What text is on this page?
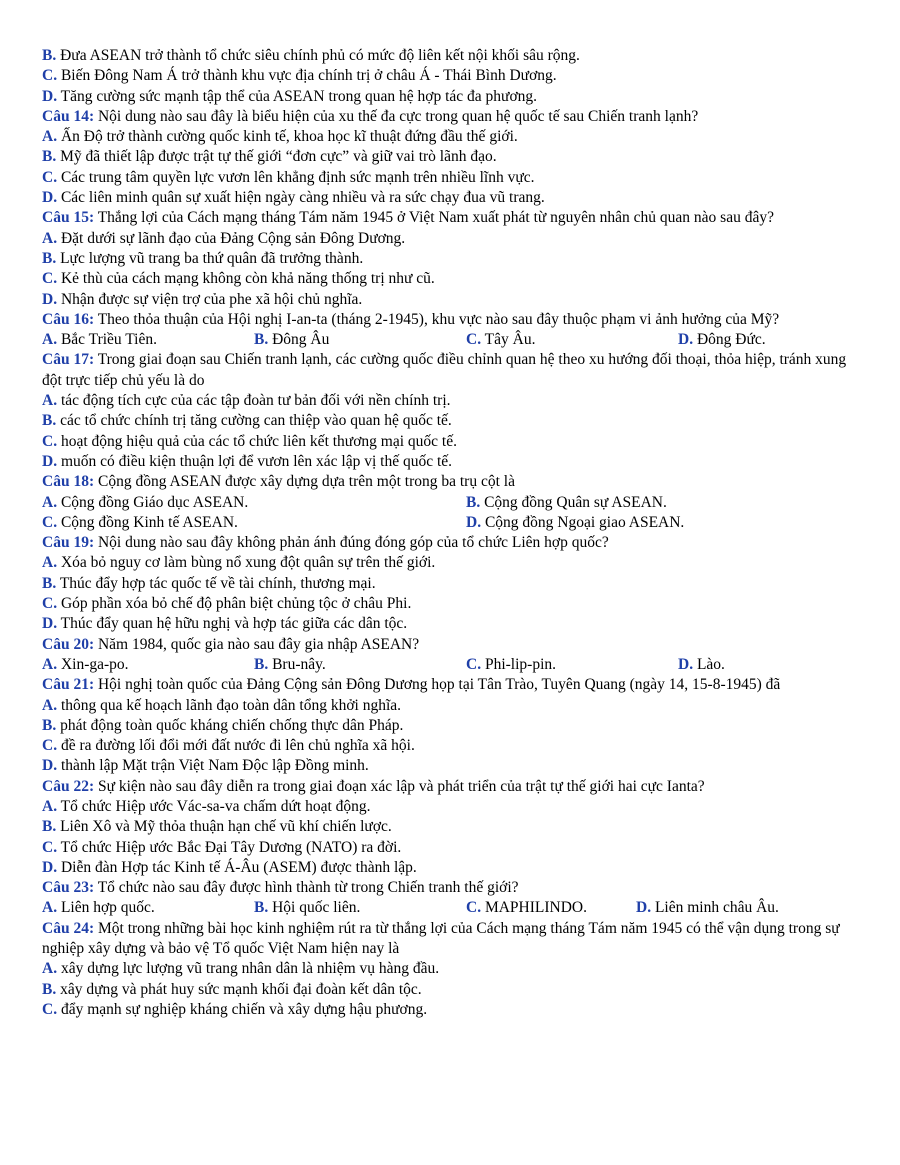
B. Đưa ASEAN trở thành tổ chức siêu chính phủ có mức độ liên kết nội khối sâu rộng.
C. Biến Đông Nam Á trở thành khu vực địa chính trị ở châu Á - Thái Bình Dương.
D. Tăng cường sức mạnh tập thể của ASEAN trong quan hệ hợp tác đa phương.
Câu 14: Nội dung nào sau đây là biểu hiện của xu thế đa cực trong quan hệ quốc tế sau Chiến tranh lạnh?
A. Ấn Độ trở thành cường quốc kinh tế, khoa học kĩ thuật đứng đầu thế giới.
B. Mỹ đã thiết lập được trật tự thế giới “đơn cực” và giữ vai trò lãnh đạo.
C. Các trung tâm quyền lực vươn lên khẳng định sức mạnh trên nhiều lĩnh vực.
D. Các liên minh quân sự xuất hiện ngày càng nhiều và ra sức chạy đua vũ trang.
Câu 15: Thắng lợi của Cách mạng tháng Tám năm 1945 ở Việt Nam xuất phát từ nguyên nhân chủ quan nào sau đây?
A. Đặt dưới sự lãnh đạo của Đảng Cộng sản Đông Dương.
B. Lực lượng vũ trang ba thứ quân đã trưởng thành.
C. Kẻ thù của cách mạng không còn khả năng thống trị như cũ.
D. Nhận được sự viện trợ của phe xã hội chủ nghĩa.
Câu 16: Theo thỏa thuận của Hội nghị I-an-ta (tháng 2-1945), khu vực nào sau đây thuộc phạm vi ảnh hưởng của Mỹ?
A. Bắc Triều Tiên.	B. Đông Âu	C. Tây Âu.	D. Đông Đức.
Câu 17: Trong giai đoạn sau Chiến tranh lạnh, các cường quốc điều chỉnh quan hệ theo xu hướng đối thoại, thỏa hiệp, tránh xung đột trực tiếp chủ yếu là do
A. tác động tích cực của các tập đoàn tư bản đối với nền chính trị.
B. các tổ chức chính trị tăng cường can thiệp vào quan hệ quốc tế.
C. hoạt động hiệu quả của các tổ chức liên kết thương mại quốc tế.
D. muốn có điều kiện thuận lợi để vươn lên xác lập vị thế quốc tế.
Câu 18: Cộng đồng ASEAN được xây dựng dựa trên một trong ba trụ cột là
A. Cộng đồng Giáo dục ASEAN.	B. Cộng đồng Quân sự ASEAN.
C. Cộng đồng Kinh tế ASEAN.	D. Cộng đồng Ngoại giao ASEAN.
Câu 19: Nội dung nào sau đây không phản ánh đúng đóng góp của tổ chức Liên hợp quốc?
A. Xóa bỏ nguy cơ làm bùng nổ xung đột quân sự trên thế giới.
B. Thúc đẩy hợp tác quốc tế về tài chính, thương mại.
C. Góp phần xóa bỏ chế độ phân biệt chủng tộc ở châu Phi.
D. Thúc đẩy quan hệ hữu nghị và hợp tác giữa các dân tộc.
Câu 20: Năm 1984, quốc gia nào sau đây gia nhập ASEAN?
A. Xin-ga-po.	B. Bru-nây.	C. Phi-lip-pin.	D. Lào.
Câu 21: Hội nghị toàn quốc của Đảng Cộng sản Đông Dương họp tại Tân Trào, Tuyên Quang (ngày 14, 15-8-1945) đã
A. thông qua kế hoạch lãnh đạo toàn dân tổng khởi nghĩa.
B. phát động toàn quốc kháng chiến chống thực dân Pháp.
C. đề ra đường lối đổi mới đất nước đi lên chủ nghĩa xã hội.
D. thành lập Mặt trận Việt Nam Độc lập Đồng minh.
Câu 22: Sự kiện nào sau đây diễn ra trong giai đoạn xác lập và phát triển của trật tự thế giới hai cực Ianta?
A. Tổ chức Hiệp ước Vác-sa-va chấm dứt hoạt động.
B. Liên Xô và Mỹ thỏa thuận hạn chế vũ khí chiến lược.
C. Tổ chức Hiệp ước Bắc Đại Tây Dương (NATO) ra đời.
D. Diễn đàn Hợp tác Kinh tế Á-Âu (ASEM) được thành lập.
Câu 23: Tổ chức nào sau đây được hình thành từ trong Chiến tranh thế giới?
A. Liên hợp quốc.	B. Hội quốc liên.	C. MAPHILINDO.	D. Liên minh châu Âu.
Câu 24: Một trong những bài học kinh nghiệm rút ra từ thắng lợi của Cách mạng tháng Tám năm 1945 có thể vận dụng trong sự nghiệp xây dựng và bảo vệ Tổ quốc Việt Nam hiện nay là
A. xây dựng lực lượng vũ trang nhân dân là nhiệm vụ hàng đầu.
B. xây dựng và phát huy sức mạnh khối đại đoàn kết dân tộc.
C. đẩy mạnh sự nghiệp kháng chiến và xây dựng hậu phương.
